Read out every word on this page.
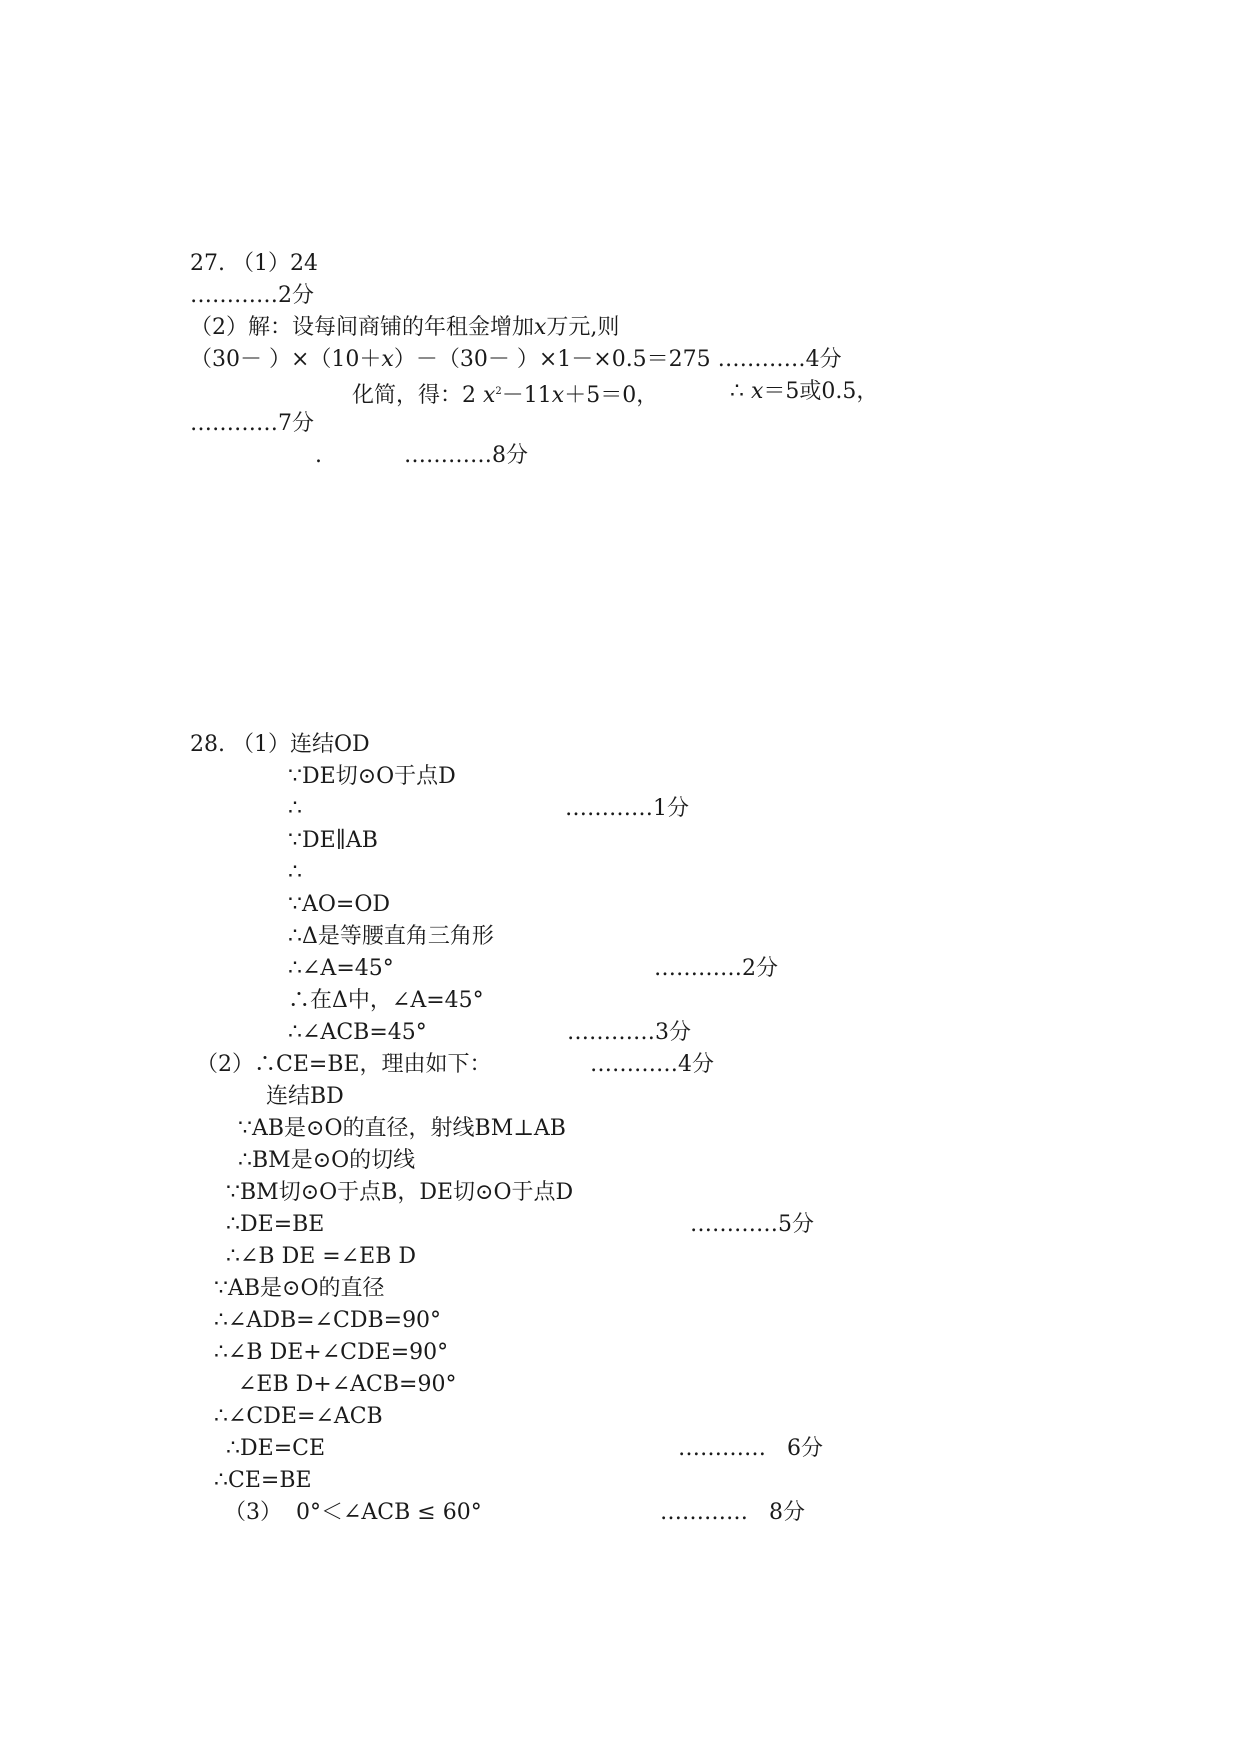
27. （1）24
…………2分
（2）解：设每间商铺的年租金增加x万元,则
（30－ ）×（10＋x）－（30－ ）×1－×0.5＝275 …………4分
化简，得：2 $x^2-11x+5=0$，	∴ x＝5或0.5，
…………7分
.	…………8分
28. （1）连结OD
∵DE切⊙O于点D
∴	…………1分
∵DE∥AB
∴
∵AO=OD
∴Δ是等腰直角三角形
∴∠A=45°	…………2分
∴在Δ中，∠A=45°
∴∠ACB=45°	…………3分
（2）∴CE=BE，理由如下：	…………4分
连结BD
∵AB是⊙O的直径，射线BM⊥AB
∴BM是⊙O的切线
∵BM切⊙O于点B，DE切⊙O于点D
∴DE=BE	…………5分
∴∠B DE =∠EB D
∵AB是⊙O的直径
∴∠ADB=∠CDB=90°
∴∠B DE+∠CDE=90°
∠EB D+∠ACB=90°
∴∠CDE=∠ACB
∴DE=CE	…………   6分
∴CE=BE
（3）  0°＜∠ACB ≤ 60°	…………   8分
